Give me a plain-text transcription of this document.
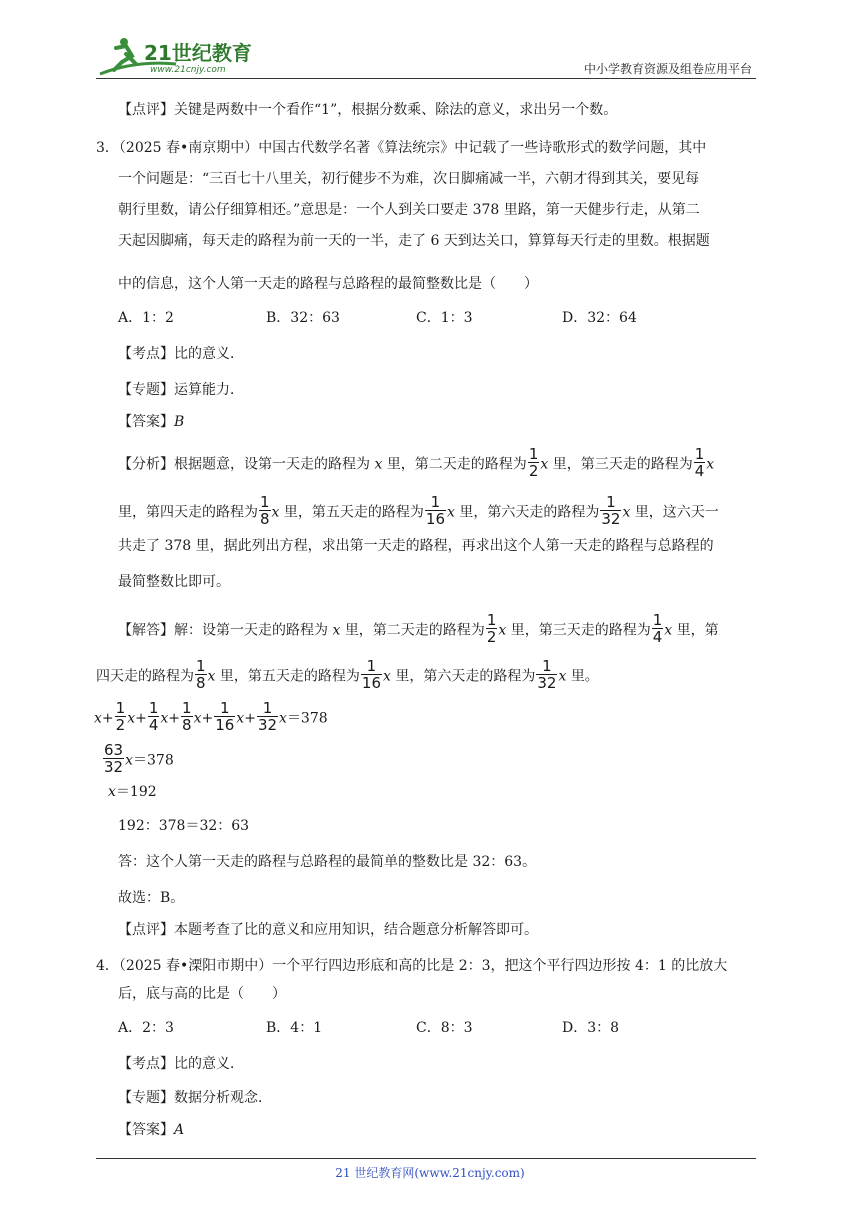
21世纪教育
www.21cnjy.com	中小学教育资源及组卷应用平台
【点评】关键是两数中一个看作“1”，根据分数乘、除法的意义，求出另一个数。
3．（2025 春•南京期中）中国古代数学名著《算法统宗》中记载了一些诗歌形式的数学问题，其中
一个问题是：“三百七十八里关，初行健步不为难，次日脚痛减一半，六朝才得到其关，要见每
朝行里数，请公仔细算相还。”意思是：一个人到关口要走 378 里路，第一天健步行走，从第二
天起因脚痛，每天走的路程为前一天的一半，走了 6 天到达关口，算算每天行走的里数。根据题
中的信息，这个人第一天走的路程与总路程的最简整数比是（　　）
A．1：2	B．32：63	C．1：3	D．32：64
【考点】比的意义．
【专题】运算能力．
【答案】B
【分析】根据题意，设第一天走的路程为 x 里，第二天走的路程为 $\frac{1}{2}$ x 里，第三天走的路程为 $\frac{1}{4}$ x
里，第四天走的路程为 $\frac{1}{8}$ x 里，第五天走的路程为 $\frac{1}{16}$ x 里，第六天走的路程为 $\frac{1}{32}$ x 里，这六天一
共走了 378 里，据此列出方程，求出第一天走的路程，再求出这个人第一天走的路程与总路程的
最简整数比即可。
【解答】解：设第一天走的路程为 x 里，第二天走的路程为 $\frac{1}{2}$ x 里，第三天走的路程为 $\frac{1}{4}$ x 里，第
四天走的路程为 $\frac{1}{8}$ x 里，第五天走的路程为 $\frac{1}{16}$ x 里，第六天走的路程为 $\frac{1}{32}$ x 里。
$x+ \frac{1}{2} x+ \frac{1}{4} x+ \frac{1}{8} x+ \frac{1}{16} x+ \frac{1}{32} x=378$
$\frac{63}{32} x=378$
x＝192
192：378＝32：63
答：这个人第一天走的路程与总路程的最简单的整数比是 32：63。
故选：B。
【点评】本题考查了比的意义和应用知识，结合题意分析解答即可。
4．（2025 春•溧阳市期中）一个平行四边形底和高的比是 2：3，把这个平行四边形按 4：1 的比放大
后，底与高的比是（　　）
A．2：3	B．4：1	C．8：3	D．3：8
【考点】比的意义．
【专题】数据分析观念．
【答案】A
21 世纪教育网(www.21cnjy.com)
